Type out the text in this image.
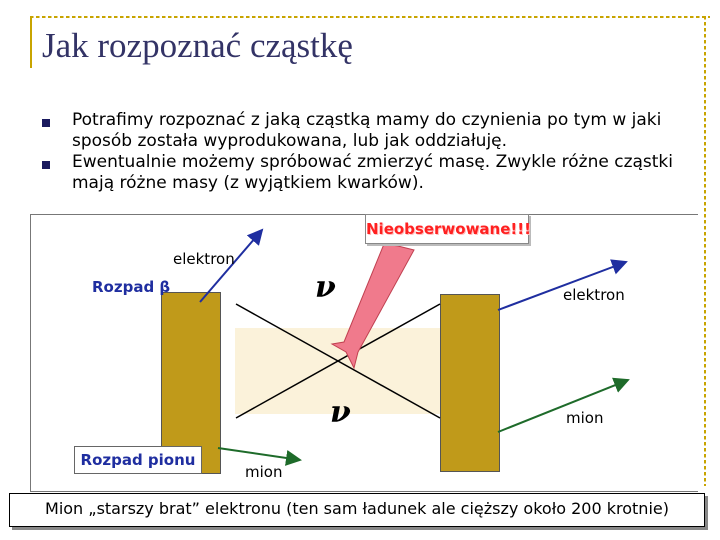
Jak rozpoznać cząstkę
Potrafimy rozpoznać z jaką cząstką mamy do czynienia po tym w jaki sposób została wyprodukowana, lub jak oddziałuję.
Ewentualnie możemy spróbować zmierzyć masę. Zwykle różne cząstki mają różne masy (z wyjątkiem kwarków).
ν
ν
Nieobserwowane!!!
elektron
Rozpad β	elektron
mion
mion
Rozpad pionu
Mion „starszy brat” elektronu (ten sam ładunek ale cięższy około 200 krotnie)
